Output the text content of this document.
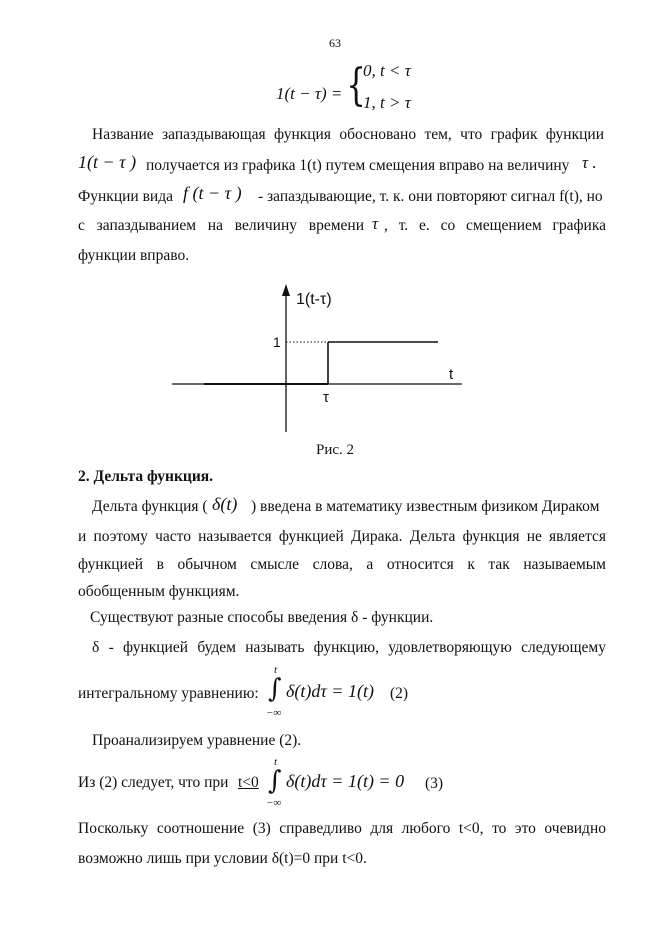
63
1(t − τ) = {
0, t < τ
1, t > τ
Название запаздывающая функция обосновано тем, что график функции
1(t − τ ) получается из графика 1(t) путем смещения вправо на величину τ .
Функции вида f (t − τ ) - запаздывающие, т. к. они повторяют сигнал f(t), но
с запаздыванием на величину времени τ , т. е. со смещением графика
функции вправо.
1(t-τ)
t
1
τ
Рис. 2
2. Дельта функция.
Дельта функция ( δ(t) ) введена в математику известным физиком Дираком
и поэтому часто называется функцией Дирака. Дельта функция не является
функцией в обычном смысле слова, а относится к так называемым
обобщенным функциям.
Существуют разные способы введения δ - функции.
δ - функцией будем называть функцию, удовлетворяющую следующему
интегральному уравнению:
t
∫
−∞
δ(t)dτ = 1(t) (2)
Проанализируем уравнение (2).
Из (2) следует, что при t<0
t
∫
−∞
δ(t)dτ = 1(t) = 0 (3)
Поскольку соотношение (3) справедливо для любого t<0, то это очевидно
возможно лишь при условии δ(t)=0 при t<0.
